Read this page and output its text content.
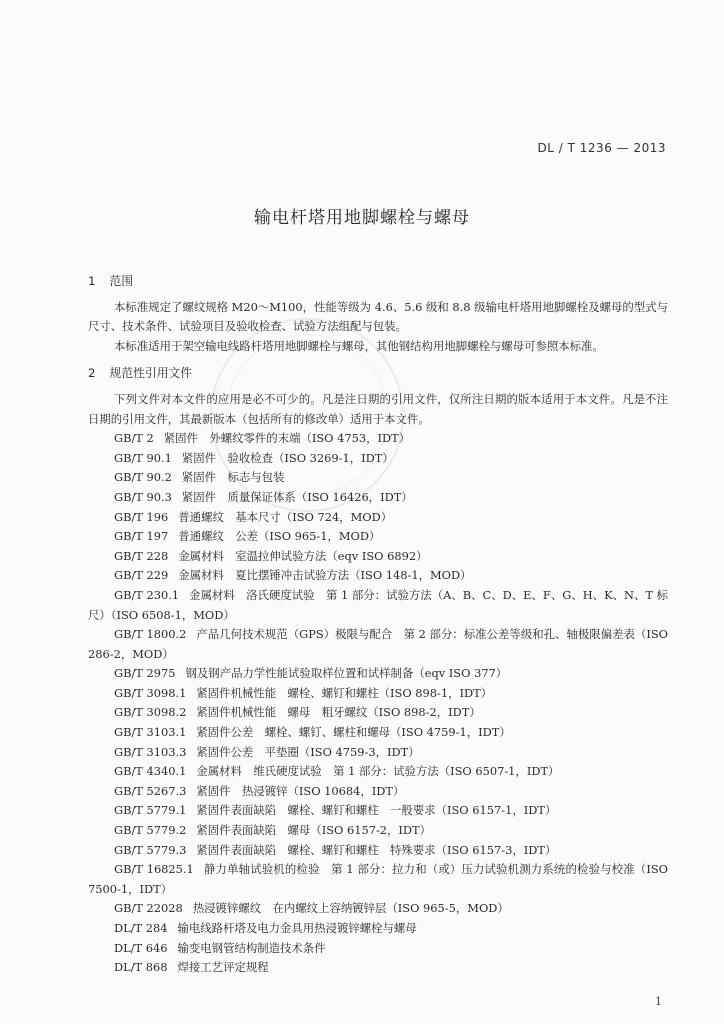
DL / T 1236 — 2013
输电杆塔用地脚螺栓与螺母
1 范围

本标准规定了螺纹规格 M20～M100，性能等级为 4.6、5.6 级和 8.8 级输电杆塔用地脚螺栓及螺母的型式与尺寸、技术条件、试验项目及验收检查、试验方法组配与包装。

本标准适用于架空输电线路杆塔用地脚螺栓与螺母，其他钢结构用地脚螺栓与螺母可参照本标准。

2 规范性引用文件

下列文件对本文件的应用是必不可少的。凡是注日期的引用文件，仅所注日期的版本适用于本文件。凡是不注日期的引用文件，其最新版本（包括所有的修改单）适用于本文件。

GB/T 2 紧固件　外螺纹零件的末端（ISO 4753，IDT）

GB/T 90.1 紧固件　验收检查（ISO 3269-1，IDT）

GB/T 90.2 紧固件　标志与包装

GB/T 90.3 紧固件　质量保证体系（ISO 16426，IDT）

GB/T 196 普通螺纹　基本尺寸（ISO 724，MOD）

GB/T 197 普通螺纹　公差（ISO 965-1，MOD）

GB/T 228 金属材料　室温拉伸试验方法（eqv ISO 6892）

GB/T 229 金属材料　夏比摆锤冲击试验方法（ISO 148-1，MOD）

GB/T 230.1 金属材料　洛氏硬度试验　第 1 部分：试验方法（A、B、C、D、E、F、G、H、K、N、T 标尺）（ISO 6508-1，MOD）

GB/T 1800.2 产品几何技术规范（GPS）极限与配合　第 2 部分：标准公差等级和孔、轴极限偏差表（ISO 286-2，MOD）

GB/T 2975 钢及钢产品力学性能试验取样位置和试样制备（eqv ISO 377）

GB/T 3098.1 紧固件机械性能　螺栓、螺钉和螺柱（ISO 898-1，IDT）

GB/T 3098.2 紧固件机械性能　螺母　粗牙螺纹（ISO 898-2，IDT）

GB/T 3103.1 紧固件公差　螺栓、螺钉、螺柱和螺母（ISO 4759-1，IDT）

GB/T 3103.3 紧固件公差　平垫圈（ISO 4759-3，IDT）

GB/T 4340.1 金属材料　维氏硬度试验　第 1 部分：试验方法（ISO 6507-1，IDT）

GB/T 5267.3 紧固件　热浸镀锌（ISO 10684，IDT）

GB/T 5779.1 紧固件表面缺陷　螺栓、螺钉和螺柱　一般要求（ISO 6157-1，IDT）

GB/T 5779.2 紧固件表面缺陷　螺母（ISO 6157-2，IDT）

GB/T 5779.3 紧固件表面缺陷　螺栓、螺钉和螺柱　特殊要求（ISO 6157-3，IDT）

GB/T 16825.1 静力单轴试验机的检验　第 1 部分：拉力和（或）压力试验机测力系统的检验与校准（ISO 7500-1，IDT）

GB/T 22028 热浸镀锌螺纹　在内螺纹上容纳镀锌层（ISO 965-5，MOD）

DL/T 284 输电线路杆塔及电力金具用热浸镀锌螺栓与螺母

DL/T 646 输变电钢管结构制造技术条件

DL/T 868 焊接工艺评定规程

1
